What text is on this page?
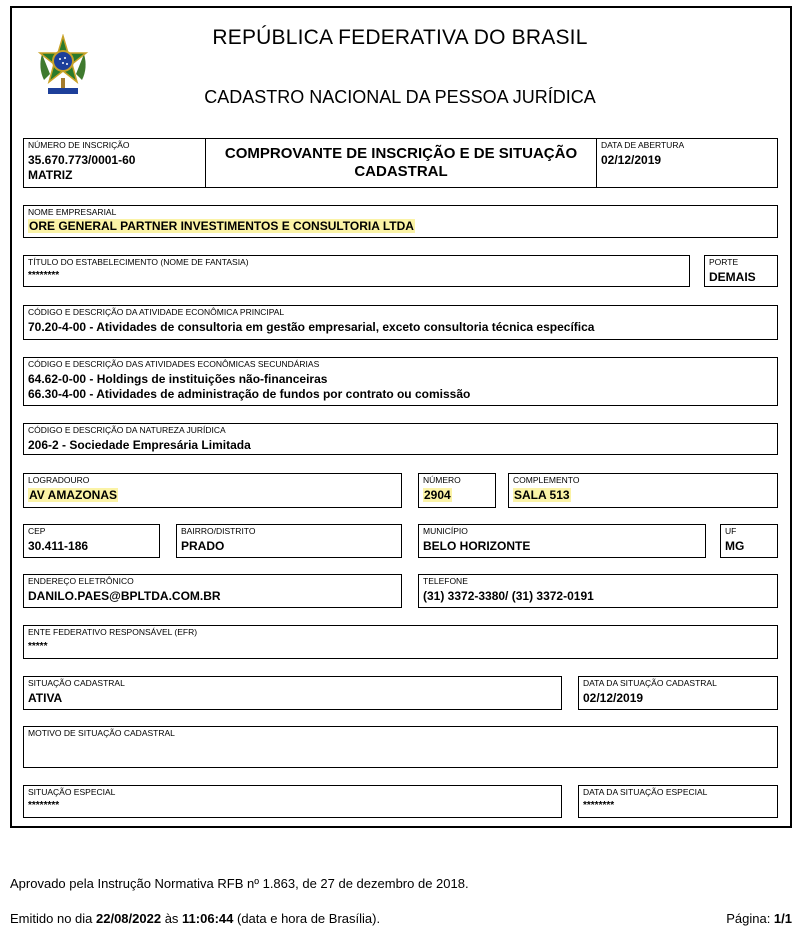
REPÚBLICA FEDERATIVA DO BRASIL
CADASTRO NACIONAL DA PESSOA JURÍDICA
NÚMERO DE INSCRIÇÃO
35.670.773/0001-60
MATRIZ
COMPROVANTE DE INSCRIÇÃO E DE SITUAÇÃO
CADASTRAL
DATA DE ABERTURA
02/12/2019
NOME EMPRESARIAL
ORE GENERAL PARTNER INVESTIMENTOS E CONSULTORIA LTDA
TÍTULO DO ESTABELECIMENTO (NOME DE FANTASIA)
********
PORTE
DEMAIS
CÓDIGO E DESCRIÇÃO DA ATIVIDADE ECONÔMICA PRINCIPAL
70.20-4-00 - Atividades de consultoria em gestão empresarial, exceto consultoria técnica específica
CÓDIGO E DESCRIÇÃO DAS ATIVIDADES ECONÔMICAS SECUNDÁRIAS
64.62-0-00 - Holdings de instituições não-financeiras
66.30-4-00 - Atividades de administração de fundos por contrato ou comissão
CÓDIGO E DESCRIÇÃO DA NATUREZA JURÍDICA
206-2 - Sociedade Empresária Limitada
LOGRADOURO
AV AMAZONAS
NÚMERO
2904
COMPLEMENTO
SALA 513
CEP
30.411-186
BAIRRO/DISTRITO
PRADO
MUNICÍPIO
BELO HORIZONTE
UF
MG
ENDEREÇO ELETRÔNICO
DANILO.PAES@BPLTDA.COM.BR
TELEFONE
(31) 3372-3380/ (31) 3372-0191
ENTE FEDERATIVO RESPONSÁVEL (EFR)
*****
SITUAÇÃO CADASTRAL
ATIVA
DATA DA SITUAÇÃO CADASTRAL
02/12/2019
MOTIVO DE SITUAÇÃO CADASTRAL
SITUAÇÃO ESPECIAL
********
DATA DA SITUAÇÃO ESPECIAL
********
Aprovado pela Instrução Normativa RFB nº 1.863, de 27 de dezembro de 2018.
Emitido no dia 22/08/2022 às 11:06:44 (data e hora de Brasília).	Página: 1/1
